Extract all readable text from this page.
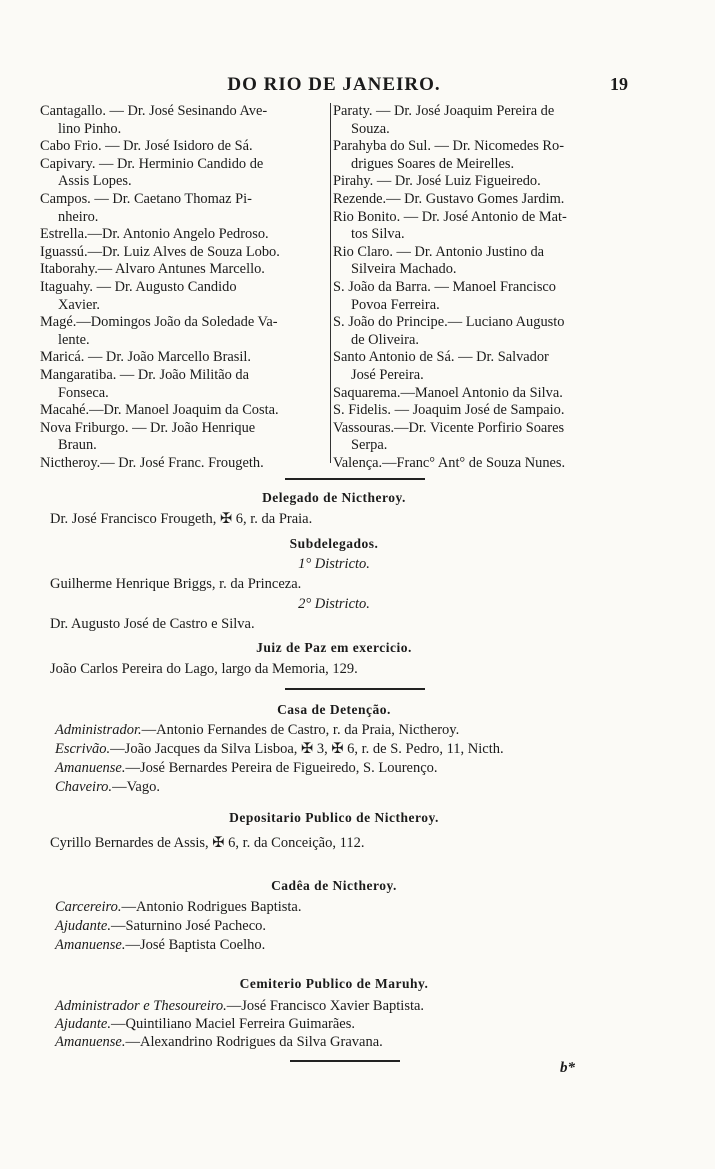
DO RIO DE JANEIRO.	19
Cantagallo. — Dr. José Sesinando Ave-
lino Pinho.
Cabo Frio. — Dr. José Isidoro de Sá.
Capivary. — Dr. Herminio Candido de
Assis Lopes.
Campos. — Dr. Caetano Thomaz Pi-
nheiro.
Estrella.—Dr. Antonio Angelo Pedroso.
Iguassú.—Dr. Luiz Alves de Souza Lobo.
Itaborahy.— Alvaro Antunes Marcello.
Itaguahy. — Dr. Augusto Candido
Xavier.
Magé.—Domingos João da Soledade Va-
lente.
Maricá. — Dr. João Marcello Brasil.
Mangaratiba. — Dr. João Militão da
Fonseca.
Macahé.—Dr. Manoel Joaquim da Costa.
Nova Friburgo. — Dr. João Henrique
Braun.
Nictheroy.— Dr. José Franc. Frougeth.
Paraty. — Dr. José Joaquim Pereira de
Souza.
Parahyba do Sul. — Dr. Nicomedes Ro-
drigues Soares de Meirelles.
Pirahy. — Dr. José Luiz Figueiredo.
Rezende.— Dr. Gustavo Gomes Jardim.
Rio Bonito. — Dr. José Antonio de Mat-
tos Silva.
Rio Claro. — Dr. Antonio Justino da
Silveira Machado.
S. João da Barra. — Manoel Francisco
Povoa Ferreira.
S. João do Principe.— Luciano Augusto
de Oliveira.
Santo Antonio de Sá. — Dr. Salvador
José Pereira.
Saquarema.—Manoel Antonio da Silva.
S. Fidelis. — Joaquim José de Sampaio.
Vassouras.—Dr. Vicente Porfirio Soares
Serpa.
Valença.—Franc° Ant° de Souza Nunes.
Delegado de Nictheroy.
Dr. José Francisco Frougeth, ✠ 6, r. da Praia.
Subdelegados.
1° Districto.
Guilherme Henrique Briggs, r. da Princeza.
2° Districto.
Dr. Augusto José de Castro e Silva.
Juiz de Paz em exercicio.
João Carlos Pereira do Lago, largo da Memoria, 129.
Casa de Detenção.
Administrador.—Antonio Fernandes de Castro, r. da Praia, Nictheroy.
Escrivão.—João Jacques da Silva Lisboa, ✠ 3, ✠ 6, r. de S. Pedro, 11, Nicth.
Amanuense.—José Bernardes Pereira de Figueiredo, S. Lourenço.
Chaveiro.—Vago.
Depositario Publico de Nictheroy.
Cyrillo Bernardes de Assis, ✠ 6, r. da Conceição, 112.
Cadêa de Nictheroy.
Carcereiro.—Antonio Rodrigues Baptista.
Ajudante.—Saturnino José Pacheco.
Amanuense.—José Baptista Coelho.
Cemiterio Publico de Maruhy.
Administrador e Thesoureiro.—José Francisco Xavier Baptista.
Ajudante.—Quintiliano Maciel Ferreira Guimarães.
Amanuense.—Alexandrino Rodrigues da Silva Gravana.
b*
